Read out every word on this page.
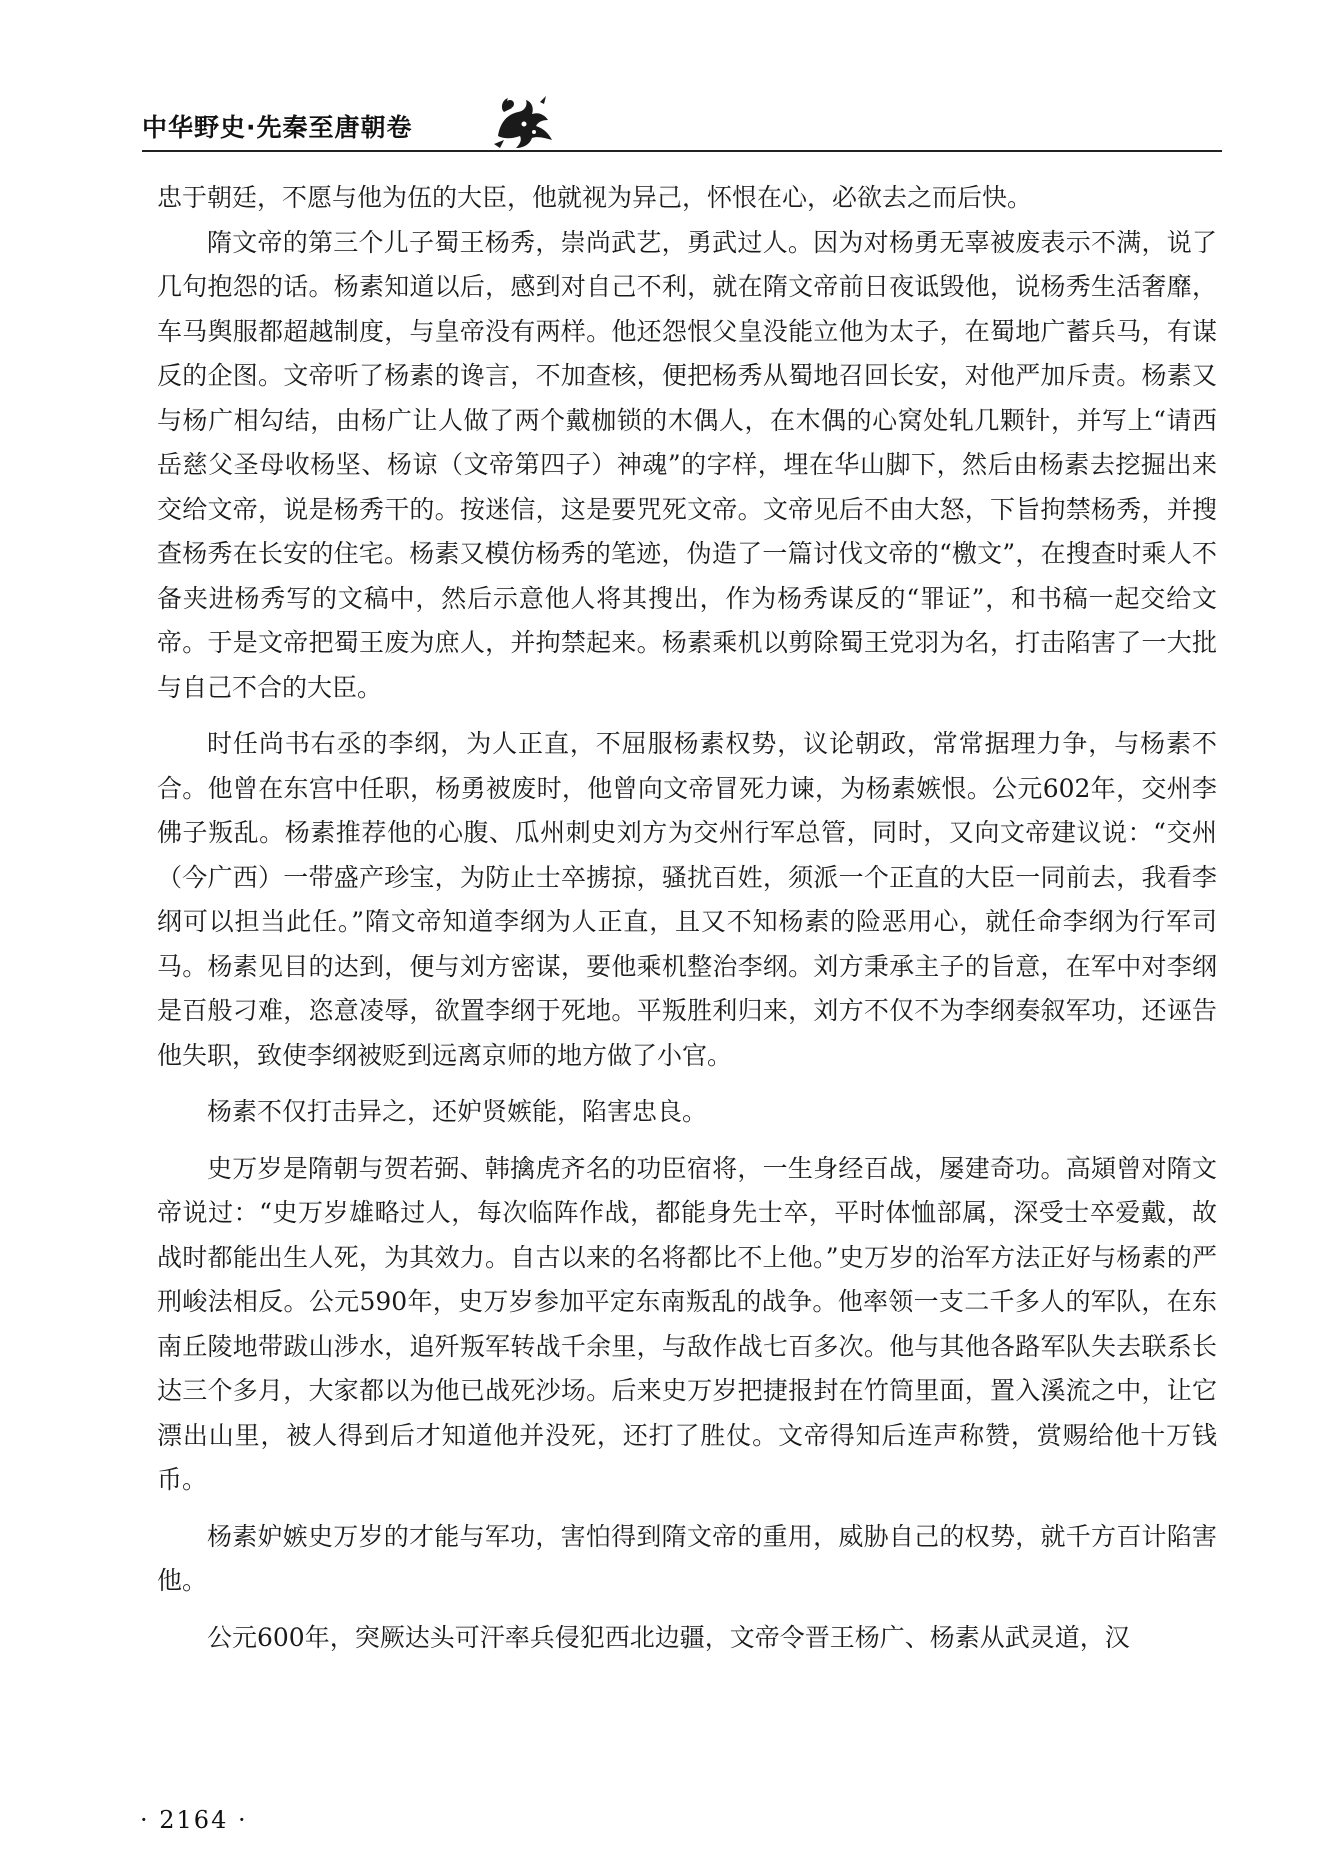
中华野史·先秦至唐朝卷

忠于朝廷，不愿与他为伍的大臣，他就视为异己，怀恨在心，必欲去之而后快。

隋文帝的第三个儿子蜀王杨秀，崇尚武艺，勇武过人。因为对杨勇无辜被废表示不满，说了几句抱怨的话。杨素知道以后，感到对自己不利，就在隋文帝前日夜诋毁他，说杨秀生活奢靡，车马舆服都超越制度，与皇帝没有两样。他还怨恨父皇没能立他为太子，在蜀地广蓄兵马，有谋反的企图。文帝听了杨素的谗言，不加查核，便把杨秀从蜀地召回长安，对他严加斥责。杨素又与杨广相勾结，由杨广让人做了两个戴枷锁的木偶人，在木偶的心窝处轧几颗针，并写上“请西岳慈父圣母收杨坚、杨谅（文帝第四子）神魂”的字样，埋在华山脚下，然后由杨素去挖掘出来交给文帝，说是杨秀干的。按迷信，这是要咒死文帝。文帝见后不由大怒，下旨拘禁杨秀，并搜查杨秀在长安的住宅。杨素又模仿杨秀的笔迹，伪造了一篇讨伐文帝的“檄文”，在搜查时乘人不备夹进杨秀写的文稿中，然后示意他人将其搜出，作为杨秀谋反的“罪证”，和书稿一起交给文帝。于是文帝把蜀王废为庶人，并拘禁起来。杨素乘机以剪除蜀王党羽为名，打击陷害了一大批与自己不合的大臣。

时任尚书右丞的李纲，为人正直，不屈服杨素权势，议论朝政，常常据理力争，与杨素不合。他曾在东宫中任职，杨勇被废时，他曾向文帝冒死力谏，为杨素嫉恨。公元602年，交州李佛子叛乱。杨素推荐他的心腹、瓜州刺史刘方为交州行军总管，同时，又向文帝建议说：“交州（今广西）一带盛产珍宝，为防止士卒掳掠，骚扰百姓，须派一个正直的大臣一同前去，我看李纲可以担当此任。”隋文帝知道李纲为人正直，且又不知杨素的险恶用心，就任命李纲为行军司马。杨素见目的达到，便与刘方密谋，要他乘机整治李纲。刘方秉承主子的旨意，在军中对李纲是百般刁难，恣意凌辱，欲置李纲于死地。平叛胜利归来，刘方不仅不为李纲奏叙军功，还诬告他失职，致使李纲被贬到远离京师的地方做了小官。

杨素不仅打击异之，还妒贤嫉能，陷害忠良。

史万岁是隋朝与贺若弼、韩擒虎齐名的功臣宿将，一生身经百战，屡建奇功。高熲曾对隋文帝说过：“史万岁雄略过人，每次临阵作战，都能身先士卒，平时体恤部属，深受士卒爱戴，故战时都能出生人死，为其效力。自古以来的名将都比不上他。”史万岁的治军方法正好与杨素的严刑峻法相反。公元590年，史万岁参加平定东南叛乱的战争。他率领一支二千多人的军队，在东南丘陵地带跋山涉水，追歼叛军转战千余里，与敌作战七百多次。他与其他各路军队失去联系长达三个多月，大家都以为他已战死沙场。后来史万岁把捷报封在竹筒里面，置入溪流之中，让它漂出山里，被人得到后才知道他并没死，还打了胜仗。文帝得知后连声称赞，赏赐给他十万钱币。

杨素妒嫉史万岁的才能与军功，害怕得到隋文帝的重用，威胁自己的权势，就千方百计陷害他。

公元600年，突厥达头可汗率兵侵犯西北边疆，文帝令晋王杨广、杨素从武灵道，汉

· 2164 ·
